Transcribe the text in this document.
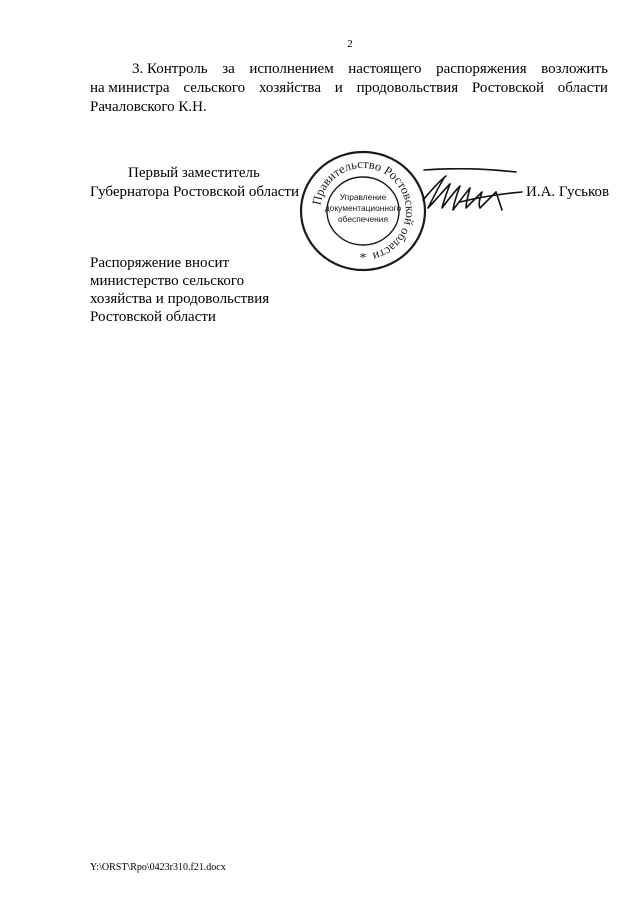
2
3. Контроль за исполнением настоящего распоряжения возложить
на министра сельского хозяйства и продовольствия Ростовской области
Рачаловского К.Н.
Первый заместитель
Губернатора Ростовской области
Правительство Ростовской области
Управление
документационного
обеспечения
*
И.А. Гуськов
Распоряжение вносит
министерство сельского
хозяйства и продовольствия
Ростовской области
Y:\ORST\Rpo\0423r310.f21.docx
